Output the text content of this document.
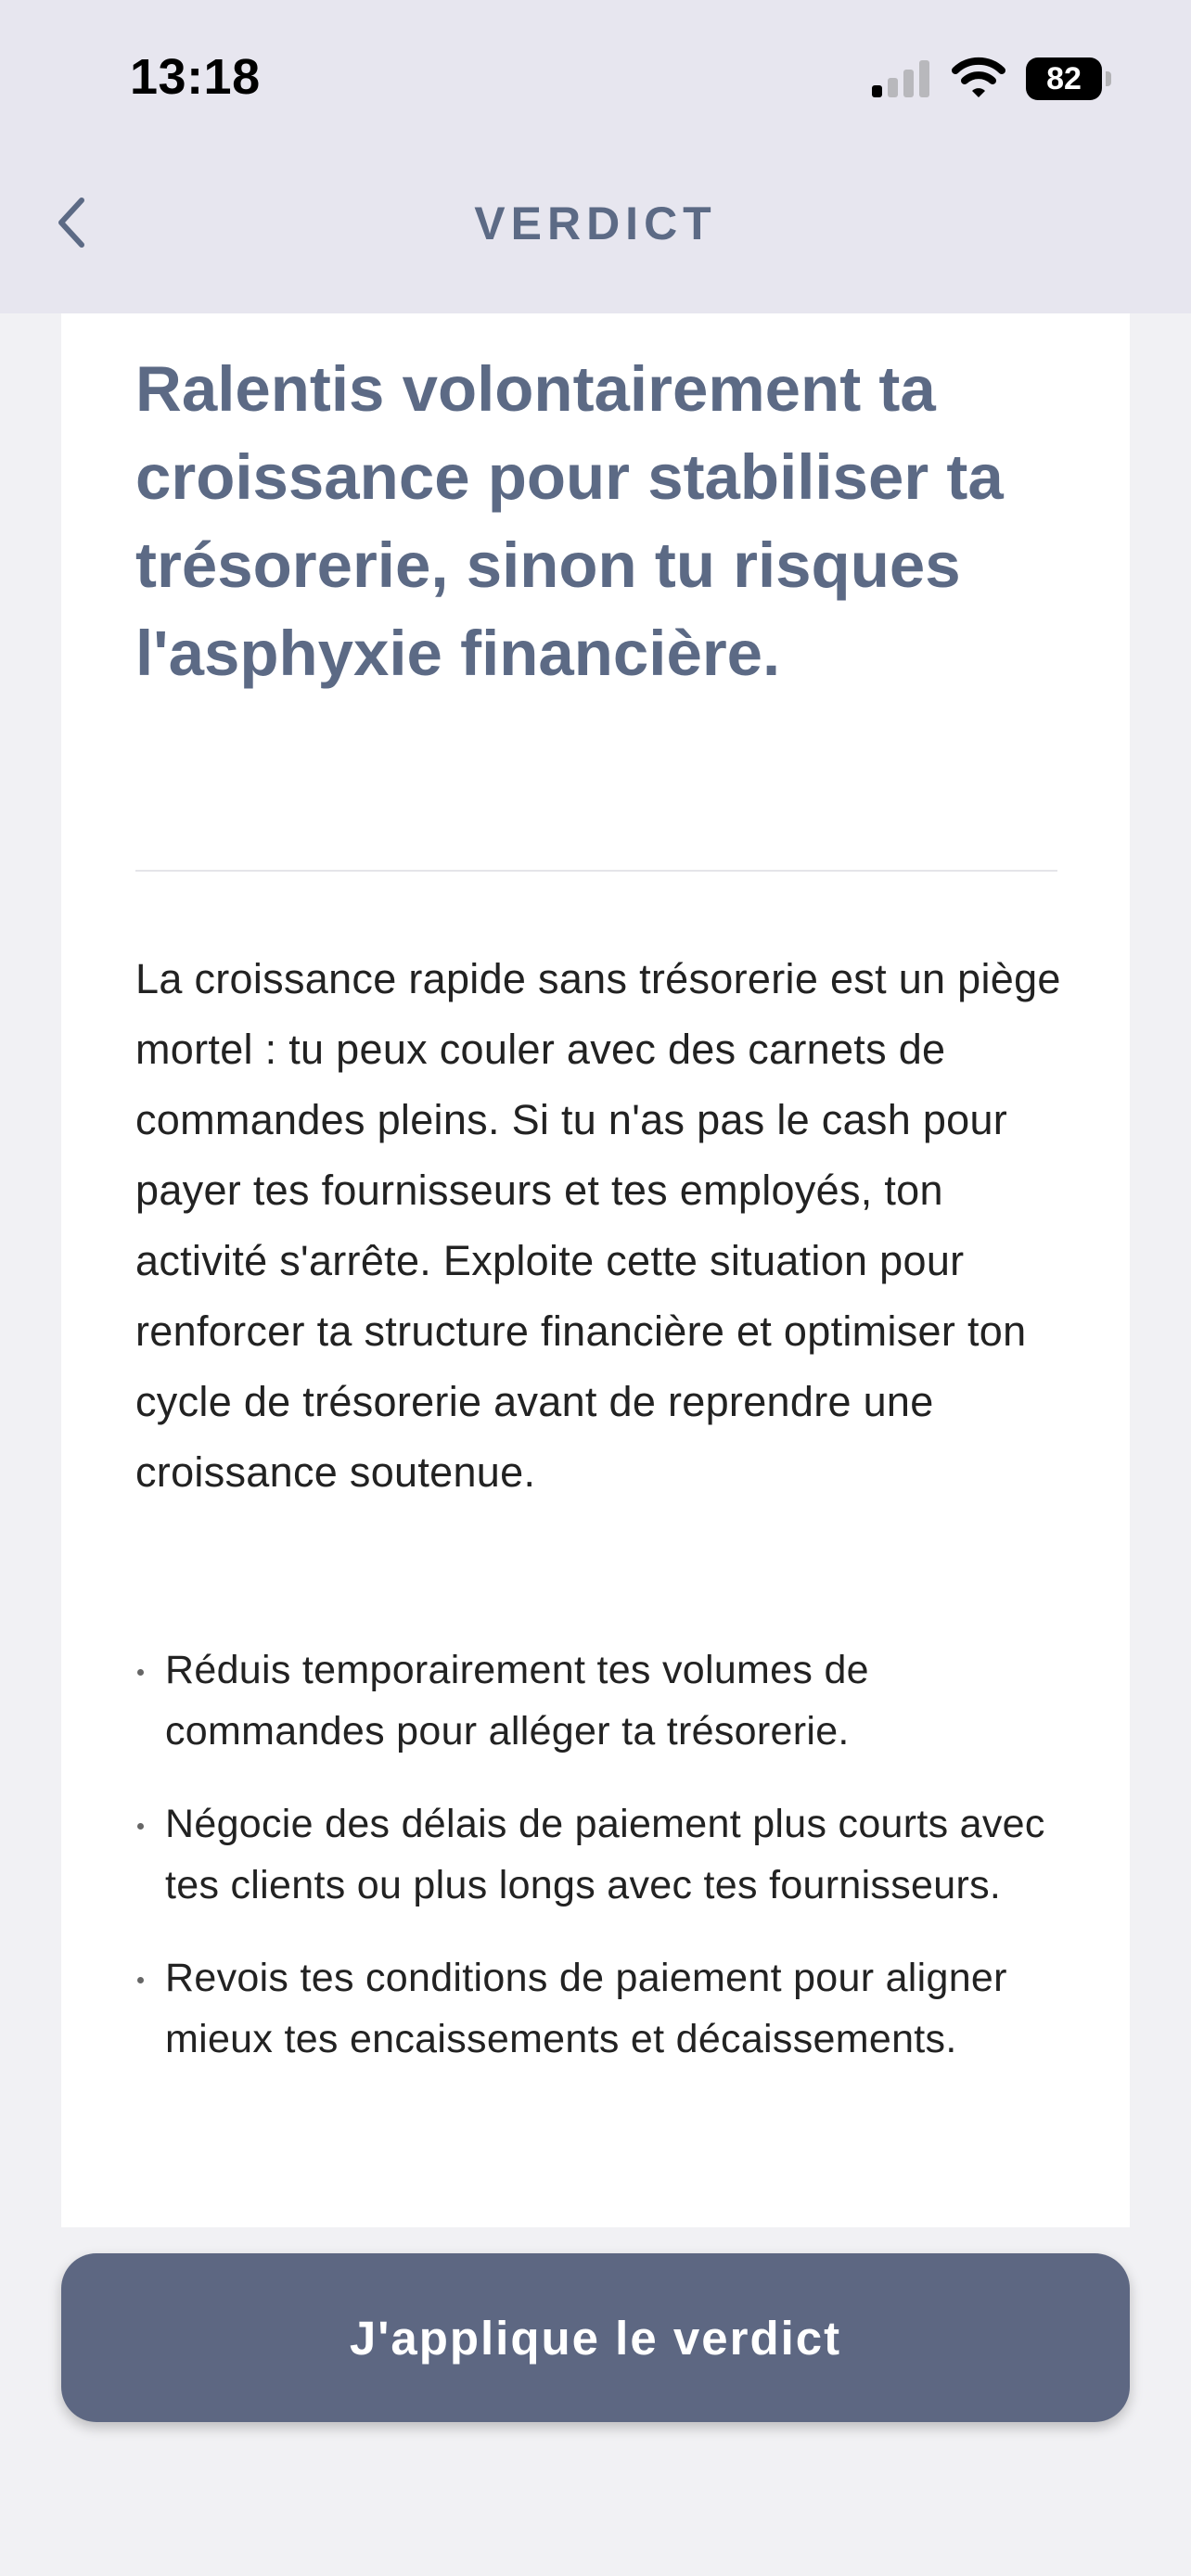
13:18	82
VERDICT
Ralentis volontairement ta croissance pour stabiliser ta trésorerie, sinon tu risques l'asphyxie financière.

La croissance rapide sans trésorerie est un piège mortel : tu peux couler avec des carnets de commandes pleins. Si tu n'as pas le cash pour payer tes fournisseurs et tes employés, ton activité s'arrête. Exploite cette situation pour renforcer ta structure financière et optimiser ton cycle de trésorerie avant de reprendre une croissance soutenue.

Réduis temporairement tes volumes de commandes pour alléger ta trésorerie.
Négocie des délais de paiement plus courts avec tes clients ou plus longs avec tes fournisseurs.
Revois tes conditions de paiement pour aligner mieux tes encaissements et décaissements.
J'applique le verdict
